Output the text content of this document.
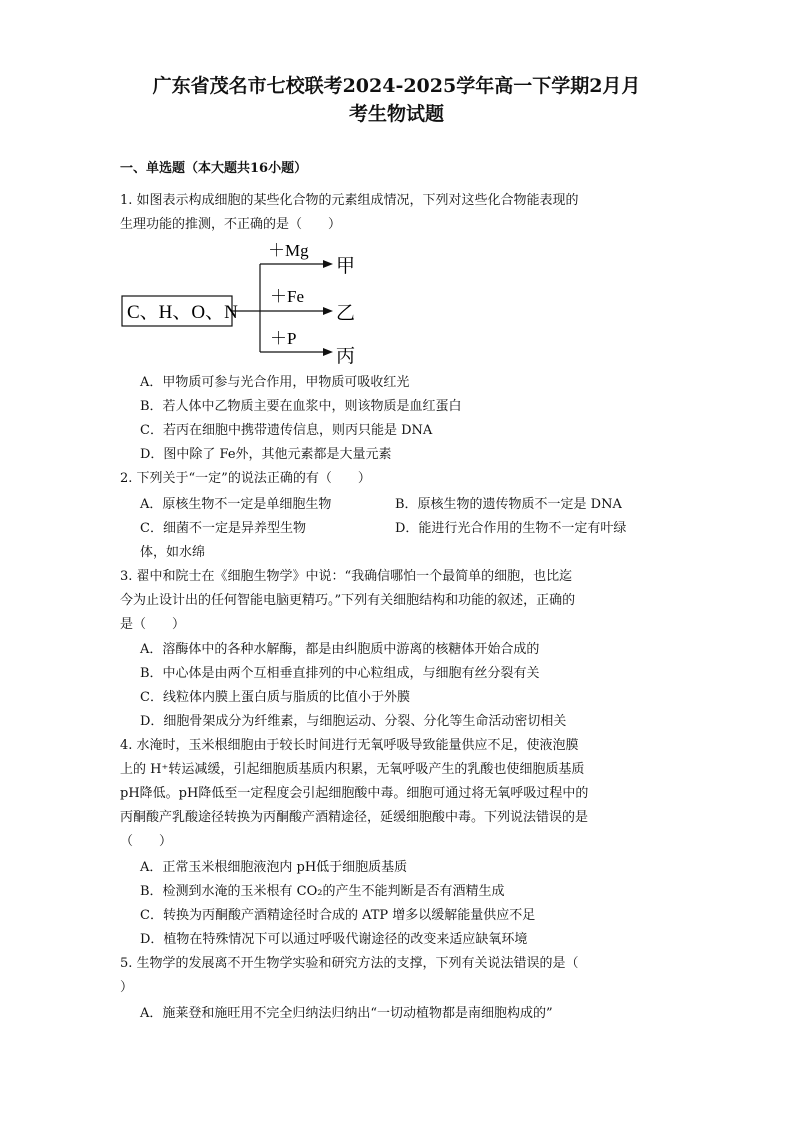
广东省茂名市七校联考2024-2025学年高一下学期2月月
考生物试题
一、单选题（本大题共16小题）
1. 如图表示构成细胞的某些化合物的元素组成情况，下列对这些化合物能表现的
生理功能的推测，不正确的是（　　）
C、H、O、N
＋Mg
＋Fe
＋P
甲
乙
丙
A．甲物质可参与光合作用，甲物质可吸收红光
B．若人体中乙物质主要在血浆中，则该物质是血红蛋白
C．若丙在细胞中携带遗传信息，则丙只能是 DNA
D．图中除了 Fe外，其他元素都是大量元素
2. 下列关于“一定”的说法正确的有（　　）
A．原核生物不一定是单细胞生物	B．原核生物的遗传物质不一定是 DNA
C．细菌不一定是异养型生物	D．能进行光合作用的生物不一定有叶绿
体，如水绵
3. 翟中和院士在《细胞生物学》中说：“我确信哪怕一个最简单的细胞，也比迄
今为止设计出的任何智能电脑更精巧。”下列有关细胞结构和功能的叙述，正确的
是（　　）
A．溶酶体中的各种水解酶，都是由纠胞质中游离的核糖体开始合成的
B．中心体是由两个互相垂直排列的中心粒组成，与细胞有丝分裂有关
C．线粒体内膜上蛋白质与脂质的比值小于外膜
D．细胞骨架成分为纤维素，与细胞运动、分裂、分化等生命活动密切相关
4. 水淹时，玉米根细胞由于较长时间进行无氧呼吸导致能量供应不足，使液泡膜
上的 H⁺转运减缓，引起细胞质基质内积累，无氧呼吸产生的乳酸也使细胞质基质
pH降低。pH降低至一定程度会引起细胞酸中毒。细胞可通过将无氧呼吸过程中的
丙酮酸产乳酸途径转换为丙酮酸产酒精途径，延缓细胞酸中毒。下列说法错误的是
（　　）
A．正常玉米根细胞液泡内 pH低于细胞质基质
B．检测到水淹的玉米根有 CO₂的产生不能判断是否有酒精生成
C．转换为丙酮酸产酒精途径时合成的 ATP 增多以缓解能量供应不足
D．植物在特殊情况下可以通过呼吸代谢途径的改变来适应缺氧环境
5. 生物学的发展离不开生物学实验和研究方法的支撑，下列有关说法错误的是（
）
A．施莱登和施旺用不完全归纳法归纳出“一切动植物都是南细胞构成的”
